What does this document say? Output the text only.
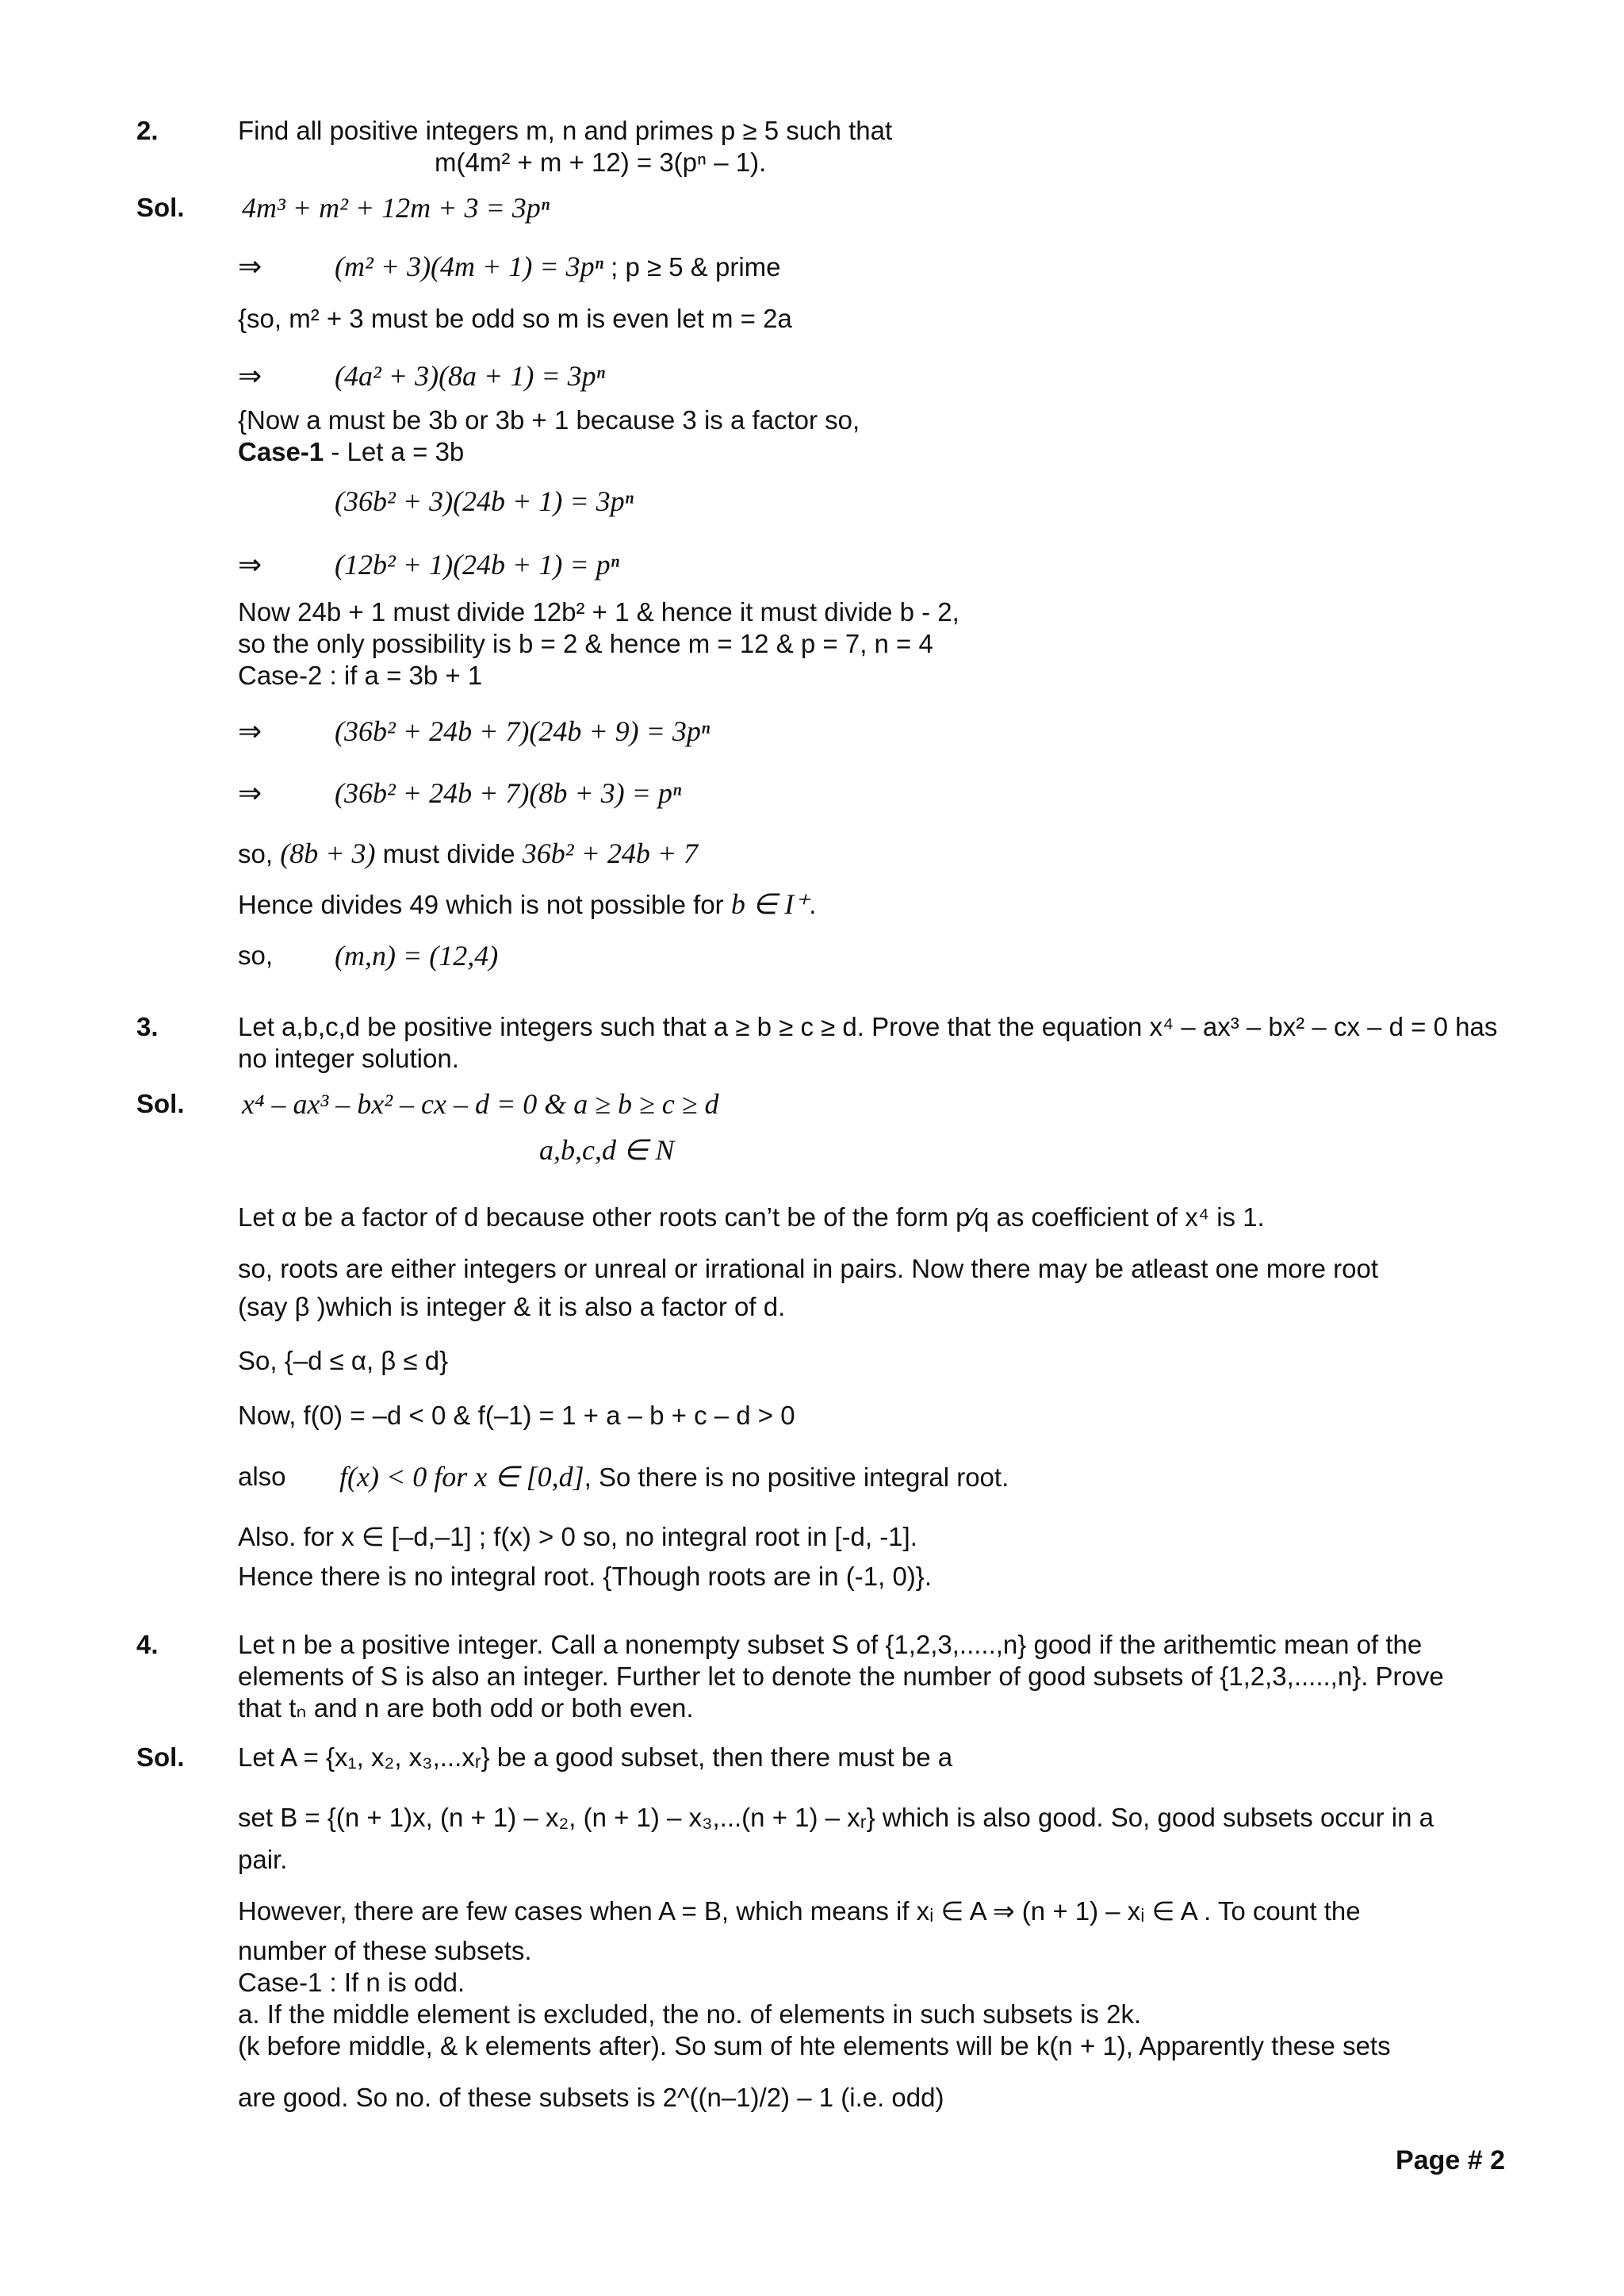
2.	Find all positive integers m, n and primes p ≥ 5 such that
m(4m² + m + 12) = 3(pⁿ – 1).
Sol. 4m³ + m² + 12m + 3 = 3pⁿ
⇒	(m² + 3)(4m + 1) = 3pⁿ ; p ≥ 5 & prime
{so, m² + 3 must be odd so m is even let m = 2a
⇒	(4a² + 3)(8a + 1) = 3pⁿ
{Now a must be 3b or 3b + 1 because 3 is a factor so,
Case-1 - Let a = 3b
(36b² + 3)(24b + 1) = 3pⁿ
⇒	(12b² + 1)(24b + 1) = pⁿ
Now 24b + 1 must divide 12b² + 1 & hence it must divide b - 2,
so the only possibility is b = 2 & hence m = 12 & p = 7, n = 4
Case-2 : if a = 3b + 1
⇒	(36b² + 24b + 7)(24b + 9) = 3pⁿ
⇒	(36b² + 24b + 7)(8b + 3) = pⁿ
so, (8b + 3) must divide 36b² + 24b + 7
Hence divides 49 which is not possible for b ∈ I⁺.
so, (m,n) = (12,4)
3.	Let a,b,c,d be positive integers such that a ≥ b ≥ c ≥ d. Prove that the equation x⁴ – ax³ – bx² – cx – d = 0 has
no integer solution.
Sol. x⁴ – ax³ – bx² – cx – d = 0 & a ≥ b ≥ c ≥ d
a,b,c,d ∈ N
Let α be a factor of d because other roots can’t be of the form p⁄q as coefficient of x⁴ is 1.
so, roots are either integers or unreal or irrational in pairs. Now there may be atleast one more root
(say β )which is integer & it is also a factor of d.
So, {–d ≤ α, β ≤ d}
Now, f(0) = –d < 0 & f(–1) = 1 + a – b + c – d > 0
also f(x) < 0 for x ∈ [0,d], So there is no positive integral root.
Also. for x ∈ [–d,–1] ; f(x) > 0 so, no integral root in [-d, -1].
Hence there is no integral root. {Though roots are in (-1, 0)}.
4.	Let n be a positive integer. Call a nonempty subset S of {1,2,3,.....,n} good if the arithemtic mean of the
elements of S is also an integer. Further let to denote the number of good subsets of {1,2,3,.....,n}. Prove
that tₙ and n are both odd or both even.
Sol. Let A = {x₁, x₂, x₃,...xᵣ} be a good subset, then there must be a
set B = {(n + 1)x, (n + 1) – x₂, (n + 1) – x₃,...(n + 1) – xᵣ} which is also good. So, good subsets occur in a
pair.
However, there are few cases when A = B, which means if xᵢ ∈ A ⇒ (n + 1) – xᵢ ∈ A . To count the
number of these subsets.
Case-1 : If n is odd.
a. If the middle element is excluded, the no. of elements in such subsets is 2k.
(k before middle, & k elements after). So sum of hte elements will be k(n + 1), Apparently these sets
are good. So no. of these subsets is 2^((n–1)/2) – 1 (i.e. odd)
Page # 2
